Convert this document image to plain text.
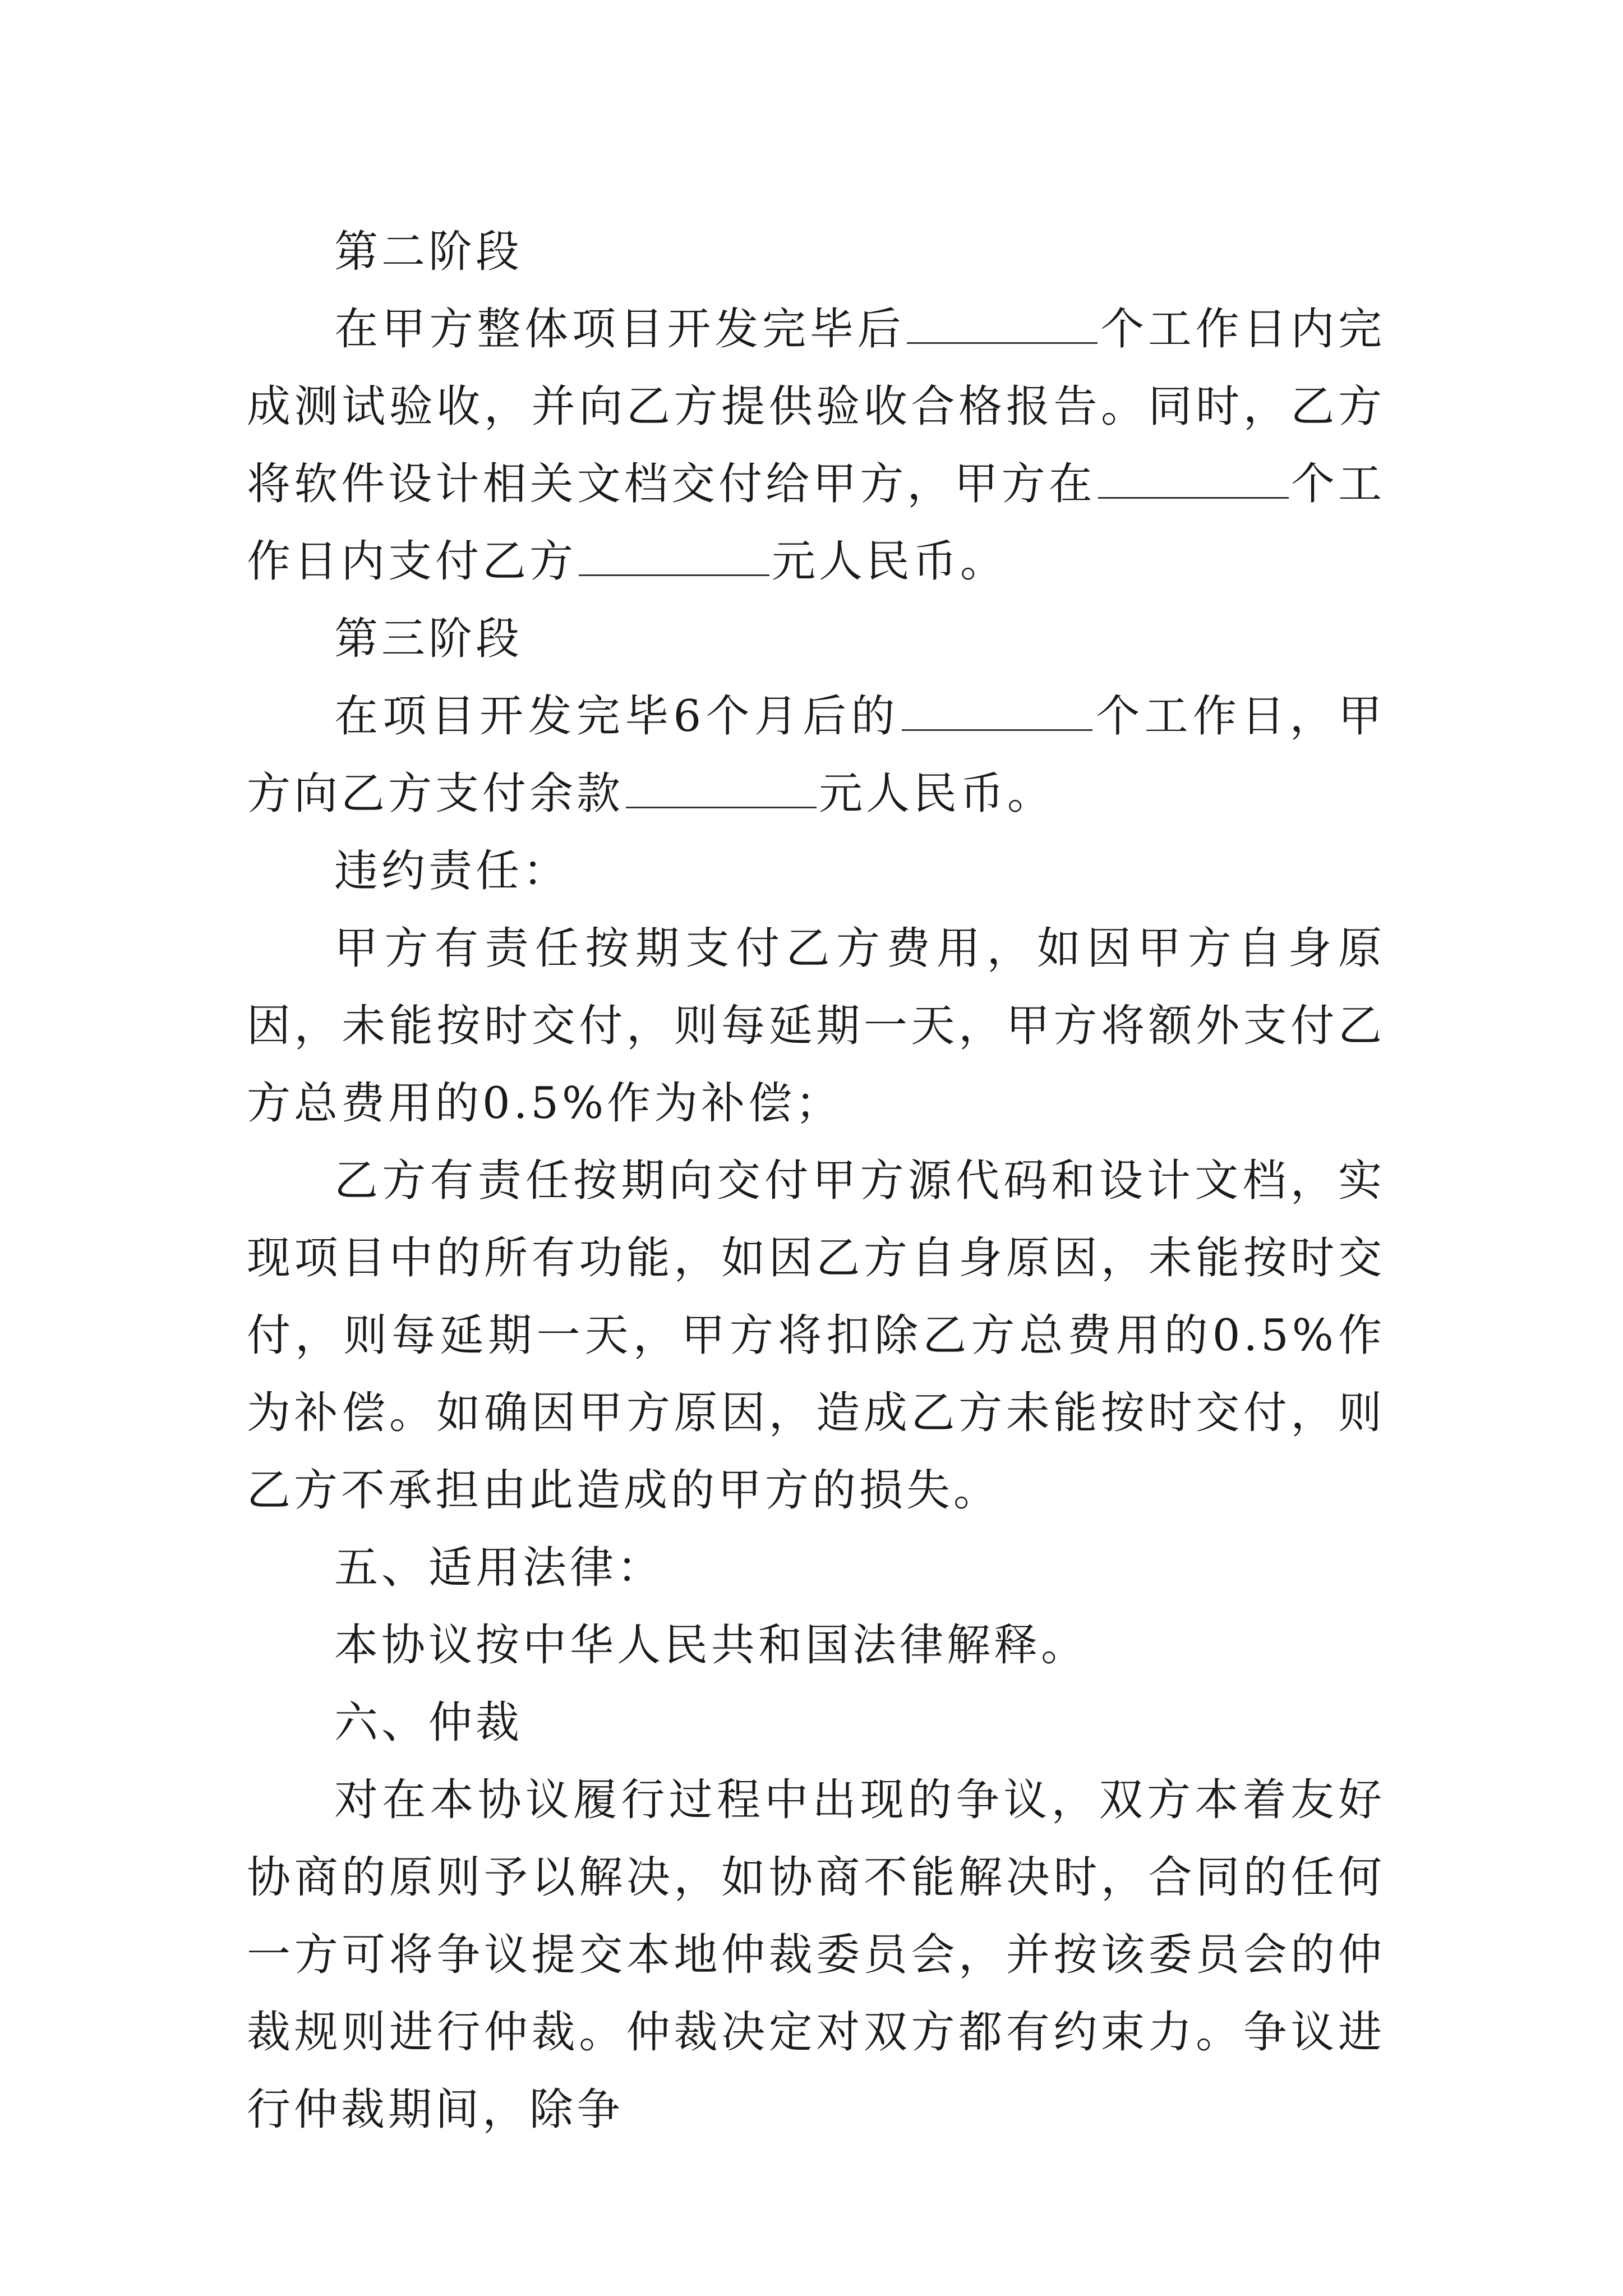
第二阶段

在甲方整体项目开发完毕后	个工作日内完成测试验收，并向乙方提供验收合格报告。同时，乙方将软件设计相关文档交付给甲方，甲方在	个工作日内支付乙方	元人民币。

第三阶段

在项目开发完毕6个月后的	个工作日，甲方向乙方支付余款	元人民币。

违约责任：

甲方有责任按期支付乙方费用，如因甲方自身原因，未能按时交付，则每延期一天，甲方将额外支付乙方总费用的0.5%作为补偿；

乙方有责任按期向交付甲方源代码和设计文档，实现项目中的所有功能，如因乙方自身原因，未能按时交付，则每延期一天，甲方将扣除乙方总费用的0.5%作为补偿。如确因甲方原因，造成乙方未能按时交付，则乙方不承担由此造成的甲方的损失。

五、适用法律：

本协议按中华人民共和国法律解释。

六、仲裁

对在本协议履行过程中出现的争议，双方本着友好协商的原则予以解决，如协商不能解决时，合同的任何一方可将争议提交本地仲裁委员会，并按该委员会的仲裁规则进行仲裁。仲裁决定对双方都有约束力。争议进行仲裁期间，除争
